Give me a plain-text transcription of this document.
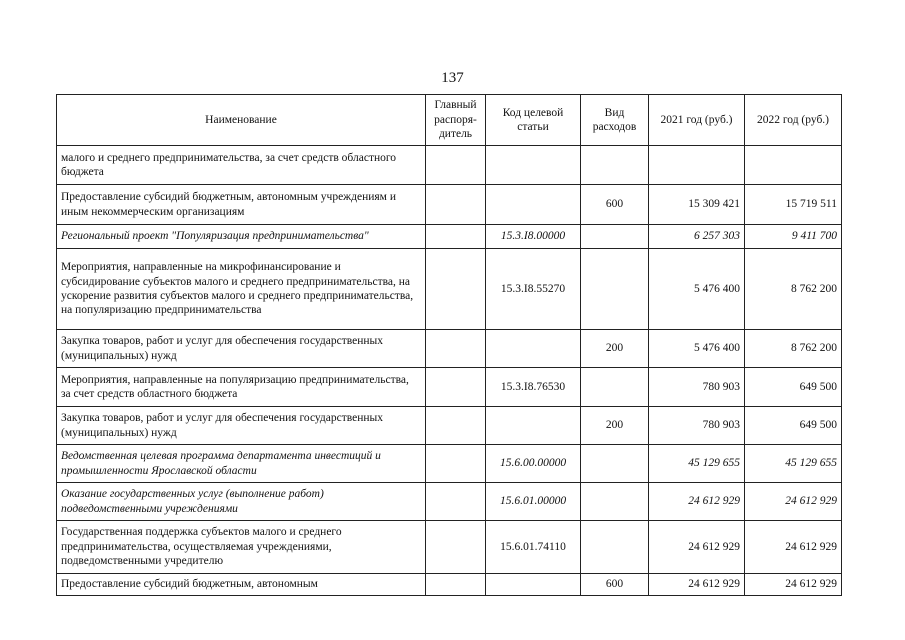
137
Наименование	Главный распоря-дитель	Код целевой статьи	Вид расходов	2021 год (руб.)	2022 год (руб.)
малого и среднего предпринимательства, за счет средств областного бюджета					
Предоставление субсидий бюджетным, автономным учреждениям и иным некоммерческим организациям			600	15 309 421	15 719 511
Региональный проект "Популяризация предпринимательства"		15.3.I8.00000		6 257 303	9 411 700
Мероприятия, направленные на микрофинансирование и субсидирование субъектов малого и среднего предпринимательства, на ускорение развития субъектов малого и среднего предпринимательства, на популяризацию предпринимательства		15.3.I8.55270		5 476 400	8 762 200
Закупка товаров, работ и услуг для обеспечения государственных (муниципальных) нужд			200	5 476 400	8 762 200
Мероприятия, направленные на популяризацию предпринимательства, за счет средств областного бюджета		15.3.I8.76530		780 903	649 500
Закупка товаров, работ и услуг для обеспечения государственных (муниципальных) нужд			200	780 903	649 500
Ведомственная целевая программа департамента инвестиций и промышленности Ярославской области		15.6.00.00000		45 129 655	45 129 655
Оказание государственных услуг (выполнение работ) подведомственными учреждениями		15.6.01.00000		24 612 929	24 612 929
Государственная поддержка субъектов малого и среднего предпринимательства, осуществляемая учреждениями, подведомственными учредителю		15.6.01.74110		24 612 929	24 612 929
Предоставление субсидий бюджетным, автономным			600	24 612 929	24 612 929
